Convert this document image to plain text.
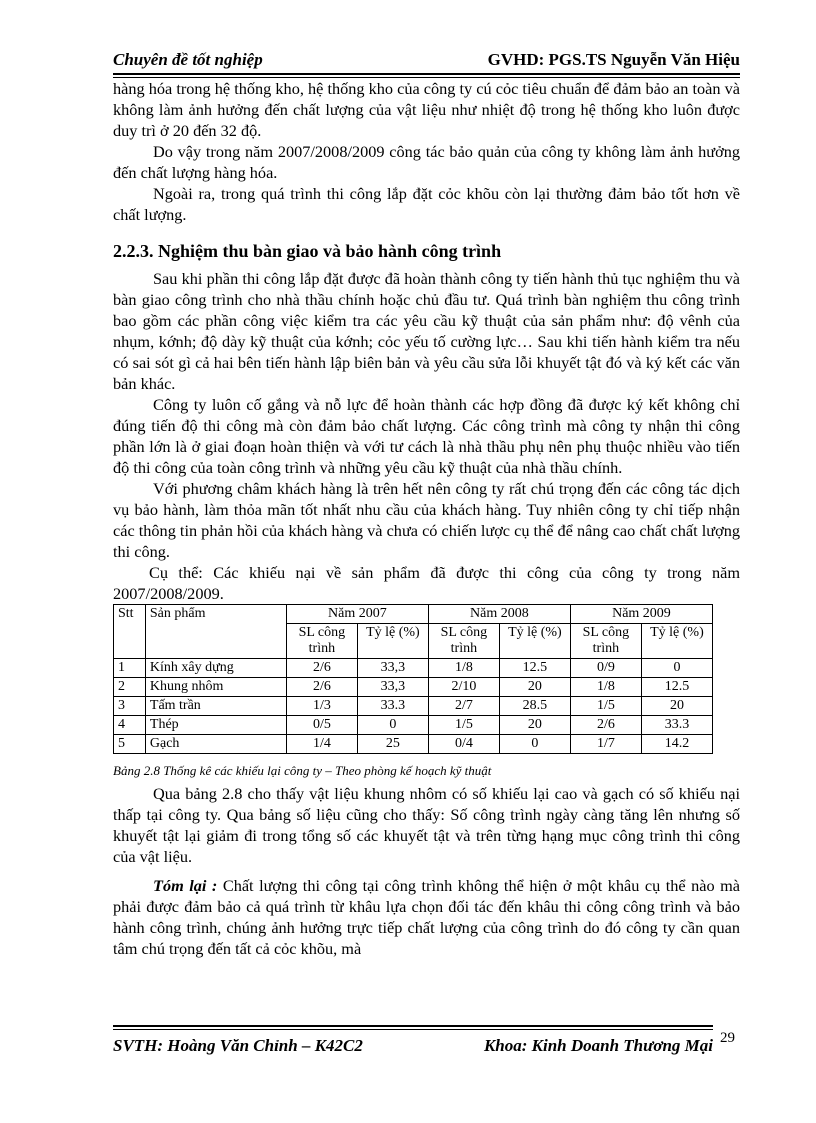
Chuyên đề tốt nghiệp	GVHD: PGS.TS Nguyễn Văn Hiệu

hàng hóa trong hệ thống kho, hệ thống kho của công ty cú cỏc tiêu chuẩn để đảm bảo an toàn và không làm ảnh hưởng đến chất lượng của vật liệu như nhiệt độ trong hệ thống kho luôn được duy trì ở 20 đến 32 độ.

Do vậy trong năm 2007/2008/2009 công tác bảo quản của công ty không làm ảnh hưởng đến chất lượng hàng hóa.

Ngoài ra, trong quá trình thi công lắp đặt cỏc khõu còn lại thường đảm bảo tốt hơn về chất lượng.

2.2.3. Nghiệm thu bàn giao và bảo hành công trình

Sau khi phần thi công lắp đặt được đã hoàn thành công ty tiến hành thủ tục nghiệm thu và bàn giao công trình cho nhà thầu chính hoặc chủ đầu tư. Quá trình bàn nghiệm thu công trình bao gồm các phần công việc kiểm tra các yêu cầu kỹ thuật của sản phẩm như: độ vênh của nhụm, kớnh; độ dày kỹ thuật của kớnh; cỏc yếu tố cường lực… Sau khi tiến hành kiểm tra nếu có sai sót gì cả hai bên tiến hành lập biên bản và yêu cầu sửa lỗi khuyết tật đó và ký kết các văn bản khác.

Công ty luôn cố gắng và nỗ lực để hoàn thành các hợp đồng đã được ký kết không chỉ đúng tiến độ thi công mà còn đảm bảo chất lượng. Các công trình mà công ty nhận thi công phần lớn là ở giai đoạn hoàn thiện và với tư cách là nhà thầu phụ nên phụ thuộc nhiều vào tiến độ thi công của toàn công trình và những yêu cầu kỹ thuật của nhà thầu chính.

Với phương châm khách hàng là trên hết nên công ty rất chú trọng đến các công tác dịch vụ bảo hành, làm thỏa mãn tốt nhất nhu cầu của khách hàng. Tuy nhiên công ty chỉ tiếp nhận các thông tin phản hồi của khách hàng và chưa có chiến lược cụ thể để nâng cao chất chất lượng thi công.

Cụ thể: Các khiếu nại về sản phẩm đã được thi công của công ty trong năm 2007/2008/2009.

Stt	Sản phẩm	Năm 2007		Năm 2008		Năm 2009	
		SL công trình	Tỷ lệ (%)	SL công trình	Tỷ lệ (%)	SL công trình	Tỷ lệ (%)
1	Kính xây dựng	2/6	33,3	1/8	12.5	0/9	0
2	Khung nhôm	2/6	33,3	2/10	20	1/8	12.5
3	Tấm trần	1/3	33.3	2/7	28.5	1/5	20
4	Thép	0/5	0	1/5	20	2/6	33.3
5	Gạch	1/4	25	0/4	0	1/7	14.2

Bảng 2.8 Thống kê các khiếu lại công ty – Theo phòng kế hoạch kỹ thuật

Qua bảng 2.8 cho thấy vật liệu khung nhôm có số khiếu lại cao và gạch có số khiếu nại thấp tại công ty. Qua bảng số liệu cũng cho thấy: Số công trình ngày càng tăng lên nhưng số khuyết tật lại giảm đi trong tổng số các khuyết tật và trên từng hạng mục công trình thi công của vật liệu.

Tóm lại : Chất lượng thi công tại công trình không thể hiện ở một khâu cụ thể nào mà phải được đảm bảo cả quá trình từ khâu lựa chọn đối tác đến khâu thi công công trình và bảo hành công trình, chúng ảnh hưởng trực tiếp chất lượng của công trình do đó công ty cần quan tâm chú trọng đến tất cả cỏc khõu, mà

SVTH: Hoàng Văn Chỉnh – K42C2	Khoa: Kinh Doanh Thương Mại 29
